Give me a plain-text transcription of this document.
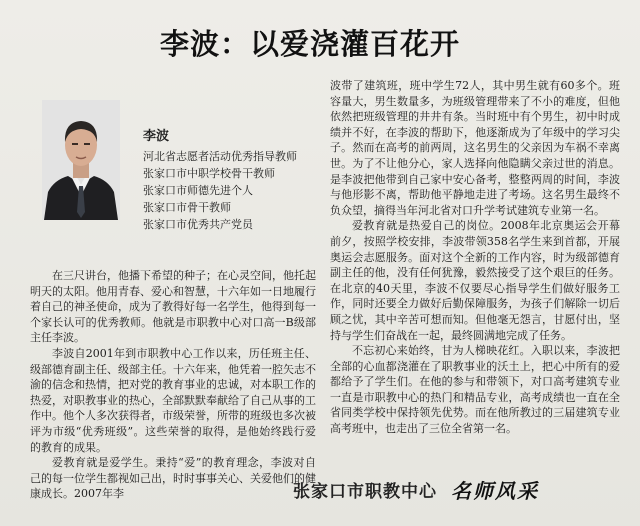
李波：以爱浇灌百花开
李波
河北省志愿者活动优秀指导教师
张家口市中职学校骨干教师
张家口市师德先进个人
张家口市骨干教师
张家口市优秀共产党员

在三尺讲台，他播下希望的种子；在心灵空间，他托起明天的太阳。他用青春、爱心和智慧，十六年如一日地履行着自己的神圣使命，成为了教得好每一名学生，他得到每一个家长认可的优秀教师。他就是市职教中心对口高一B级部主任李波。

李波自2001年到市职教中心工作以来，历任班主任、级部德育副主任、级部主任。十六年来，他凭着一腔矢志不渝的信念和热情，把对党的教育事业的忠诚，对本职工作的热爱，对职教事业的热心，全部默默奉献给了自己从事的工作中。他个人多次获得者，市级荣誉，所带的班级也多次被评为市级“优秀班级”。这些荣誉的取得，是他始终践行爱的教育的成果。

爱教育就是爱学生。秉持“爱”的教育理念，李波对自己的每一位学生都视如己出，时时事事关心、关爱他们的健康成长。2007年李

波带了建筑班，班中学生72人，其中男生就有60多个。班容量大，男生数量多，为班级管理带来了不小的难度，但他依然把班级管理的井井有条。当时班中有个男生，初中时成绩并不好，在李波的帮助下，他逐渐成为了年级中的学习尖子。然而在高考的前两周，这名男生的父亲因为车祸不幸离世。为了不让他分心，家人选择向他隐瞒父亲过世的消息。是李波把他带到自己家中安心备考，整整两周的时间，李波与他形影不离，帮助他平静地走进了考场。这名男生最终不负众望，摘得当年河北省对口升学考试建筑专业第一名。

爱教育就是热爱自己的岗位。2008年北京奥运会开幕前夕，按照学校安排，李波带领358名学生来到首都，开展奥运会志愿服务。面对这个全新的工作内容，时为级部德育副主任的他，没有任何犹豫，毅然接受了这个艰巨的任务。在北京的40天里，李波不仅要尽心指导学生们做好服务工作，同时还要全力做好后勤保障服务，为孩子们解除一切后顾之忧，其中辛苦可想而知。但他毫无怨言，甘愿付出，坚持与学生们奋战在一起，最终圆满地完成了任务。

不忘初心来始终，甘为人梯映花红。入职以来，李波把全部的心血都浇灌在了职教事业的沃土上，把心中所有的爱都给予了学生们。在他的参与和带领下，对口高考建筑专业一直是市职教中心的热门和精品专业，高考成绩也一直在全省同类学校中保持领先优势。而在他所教过的三届建筑专业高考班中，也走出了三位全省第一名。

张家口市职教中心 名师风采
